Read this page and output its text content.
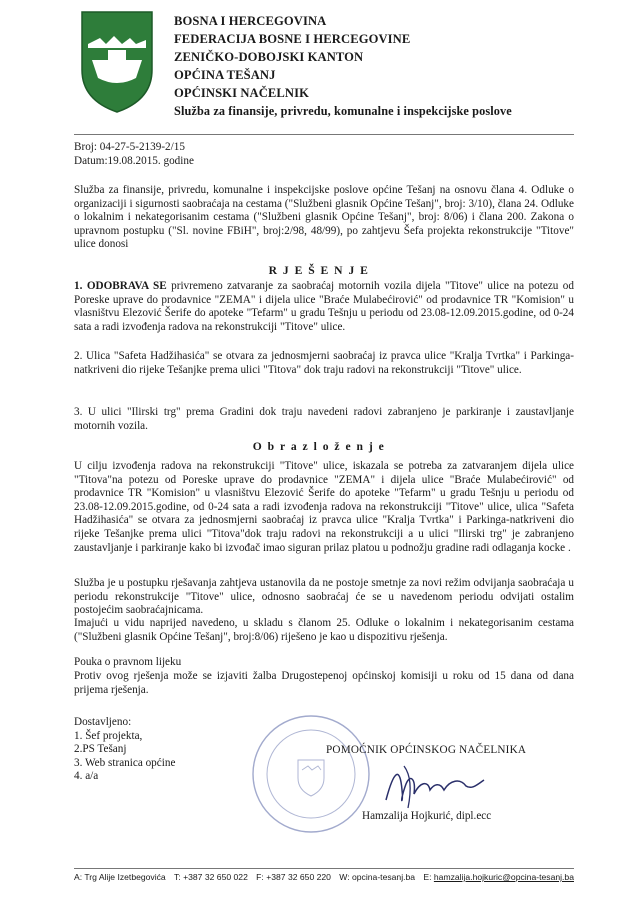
BOSNA I HERCEGOVINA
FEDERACIJA BOSNE I HERCEGOVINE
ZENIČKO-DOBOJSKI KANTON
OPĆINA TEŠANJ
OPĆINSKI NAČELNIK
Služba za finansije, privredu, komunalne i inspekcijske poslove
Broj: 04-27-5-2139-2/15
Datum:19.08.2015. godine
Služba za finansije, privredu, komunalne i inspekcijske poslove općine Tešanj na osnovu člana 4. Odluke o organizaciji i sigurnosti saobraćaja na cestama ("Službeni glasnik Općine Tešanj", broj: 3/10), člana 24. Odluke o lokalnim i nekategorisanim cestama ("Službeni glasnik Općine Tešanj", broj: 8/06) i člana 200. Zakona o upravnom postupku ("Sl. novine FBiH", broj:2/98, 48/99), po zahtjevu Šefa projekta rekonstrukcije "Titove" ulice donosi
R J E Š E N J E
1. ODOBRAVA SE privremeno zatvaranje za saobraćaj motornih vozila dijela "Titove" ulice na potezu od Poreske uprave do prodavnice "ZEMA" i dijela ulice "Braće Mulabećirović" od prodavnice TR "Komision" u vlasništvu Elezović Šerife do apoteke "Tefarm" u gradu Tešnju u periodu od 23.08-12.09.2015.godine, od 0-24 sata a radi izvođenja radova na rekonstrukciji "Titove" ulice.
2. Ulica "Safeta Hadžihasića" se otvara za jednosmjerni saobraćaj iz pravca ulice "Kralja Tvrtka" i Parkinga- natkriveni dio rijeke Tešanjke prema ulici "Titova" dok traju radovi na rekonstrukciji "Titove" ulice.
3. U ulici "Ilirski trg" prema Gradini dok traju navedeni radovi zabranjeno je parkiranje i zaustavljanje motornih vozila.
O b r a z l o ž e n j e
U cilju izvođenja radova na rekonstrukciji "Titove" ulice, iskazala se potreba za zatvaranjem dijela ulice "Titova"na potezu od Poreske uprave do prodavnice "ZEMA" i dijela ulice "Braće Mulabećirović" od prodavnice TR "Komision" u vlasništvu Elezović Šerife do apoteke "Tefarm" u gradu Tešnju u periodu od 23.08-12.09.2015.godine, od 0-24 sata a radi izvođenja radova na rekonstrukciji "Titove" ulice, ulica "Safeta Hadžihasića" se otvara za jednosmjerni saobraćaj iz pravca ulice "Kralja Tvrtka" i Parkinga-natkriveni dio rijeke Tešanjke prema ulici "Titova"dok traju radovi na rekonstrukciji a u ulici "Ilirski trg" je zabranjeno zaustavljanje i parkiranje kako bi izvođač imao siguran prilaz platou u podnožju gradine radi odlaganja kocke .
Služba je u postupku rješavanja zahtjeva ustanovila da ne postoje smetnje za novi režim odvijanja saobraćaja u periodu rekonstrukcije "Titove" ulice, odnosno saobraćaj će se u navedenom periodu odvijati ostalim postojećim saobraćajnicama.
Imajući u vidu naprijed navedeno, u skladu s članom 25. Odluke o lokalnim i nekategorisanim cestama ("Službeni glasnik Općine Tešanj", broj:8/06) riješeno je kao u dispozitivu rješenja.
Pouka o pravnom lijeku
Protiv ovog rješenja može se izjaviti žalba Drugostepenoj općinskoj komisiji u roku od 15 dana od dana prijema rješenja.
Dostavljeno:
1. Šef projekta,
2.PS Tešanj
3. Web stranica općine
4. a/a
POMOĆNIK OPĆINSKOG NAČELNIKA
Hamzalija Hojkurić, dipl.ecc
A: Trg Alije Izetbegovića T: +387 32 650 022 F: +387 32 650 220 W: opcina-tesanj.ba E: hamzalija.hojkuric@opcina-tesanj.ba
